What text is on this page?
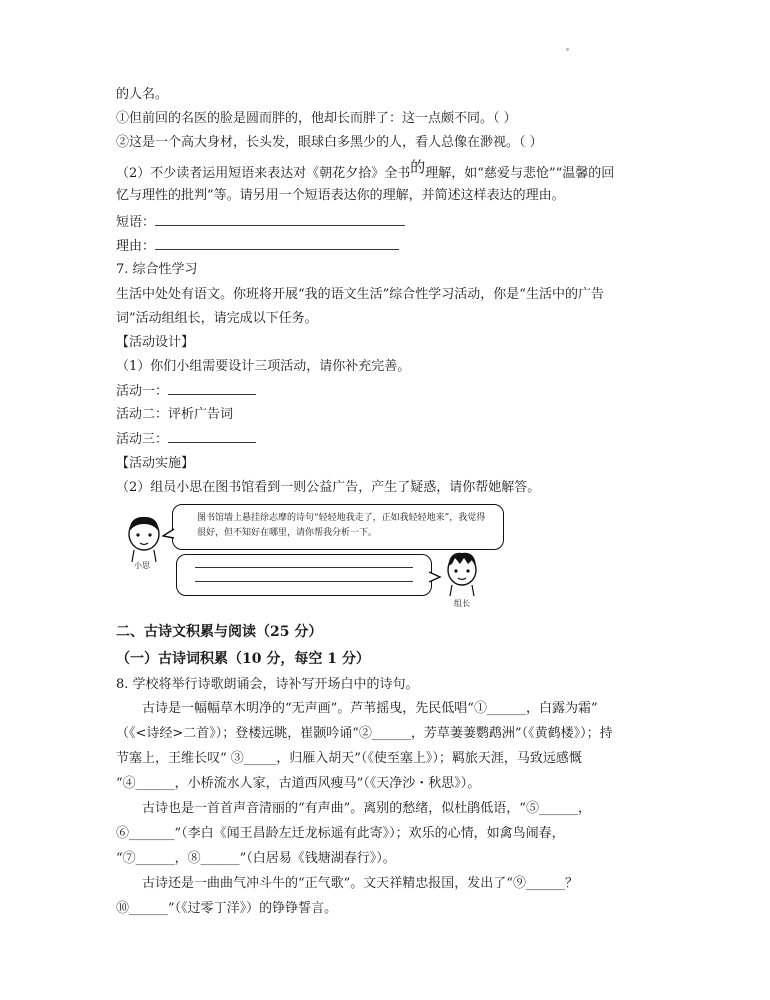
的人名。
①但前回的名医的脸是圆而胖的，他却长而胖了：这一点颇不同。（ ）
②这是一个高大身材，长头发，眼球白多黑少的人，看人总像在渺视。（ ）
（2）不少读者运用短语来表达对《朝花夕拾》全书的理解，如“慈爱与悲怆”“温馨的回
忆与理性的批判”等。请另用一个短语表达你的理解，并简述这样表达的理由。
短语：
理由：
7. 综合性学习
生活中处处有语文。你班将开展“我的语文生活”综合性学习活动，你是“生活中的广告
词”活动组组长，请完成以下任务。
【活动设计】
（1）你们小组需要设计三项活动，请你补充完善。
活动一：
活动二：评析广告词
活动三：
【活动实施】
（2）组员小思在图书馆看到一则公益广告，产生了疑惑，请你帮她解答。
小思
图书馆墙上悬挂徐志摩的诗句“轻轻地我走了，正如我轻轻地来”，我觉得很好，但不知好在哪里，请你帮我分析一下。
组长
二、古诗文积累与阅读（25 分）
（一）古诗词积累（10 分，每空 1 分）
8. 学校将举行诗歌朗诵会，诗补写开场白中的诗句。
古诗是一幅幅草木明净的“无声画”。芦苇摇曳，先民低唱“①______，白露为霜”
（《<诗经>二首》）；登楼远眺，崔颢吟诵“②______，芳草萋萋鹦鹉洲”（《黄鹤楼》）；持
节塞上，王维长叹“ ③_____，归雁入胡天”（《使至塞上》）；羁旅天涯，马致远感慨
“④______，小桥流水人家，古道西风瘦马”（《天净沙・秋思》）。
古诗也是一首首声音清丽的“有声曲”。离别的愁绪，似杜鹃低语，“⑤______，
⑥_______”（李白《闻王昌龄左迁龙标遥有此寄》）；欢乐的心情，如禽鸟闹春，
“⑦______，⑧______”（白居易《钱塘湖春行》）。
古诗还是一曲曲气冲斗牛的“正气歌”。文天祥精忠报国，发出了“⑨______？
⑩______”（《过零丁洋》）的铮铮誓言。
